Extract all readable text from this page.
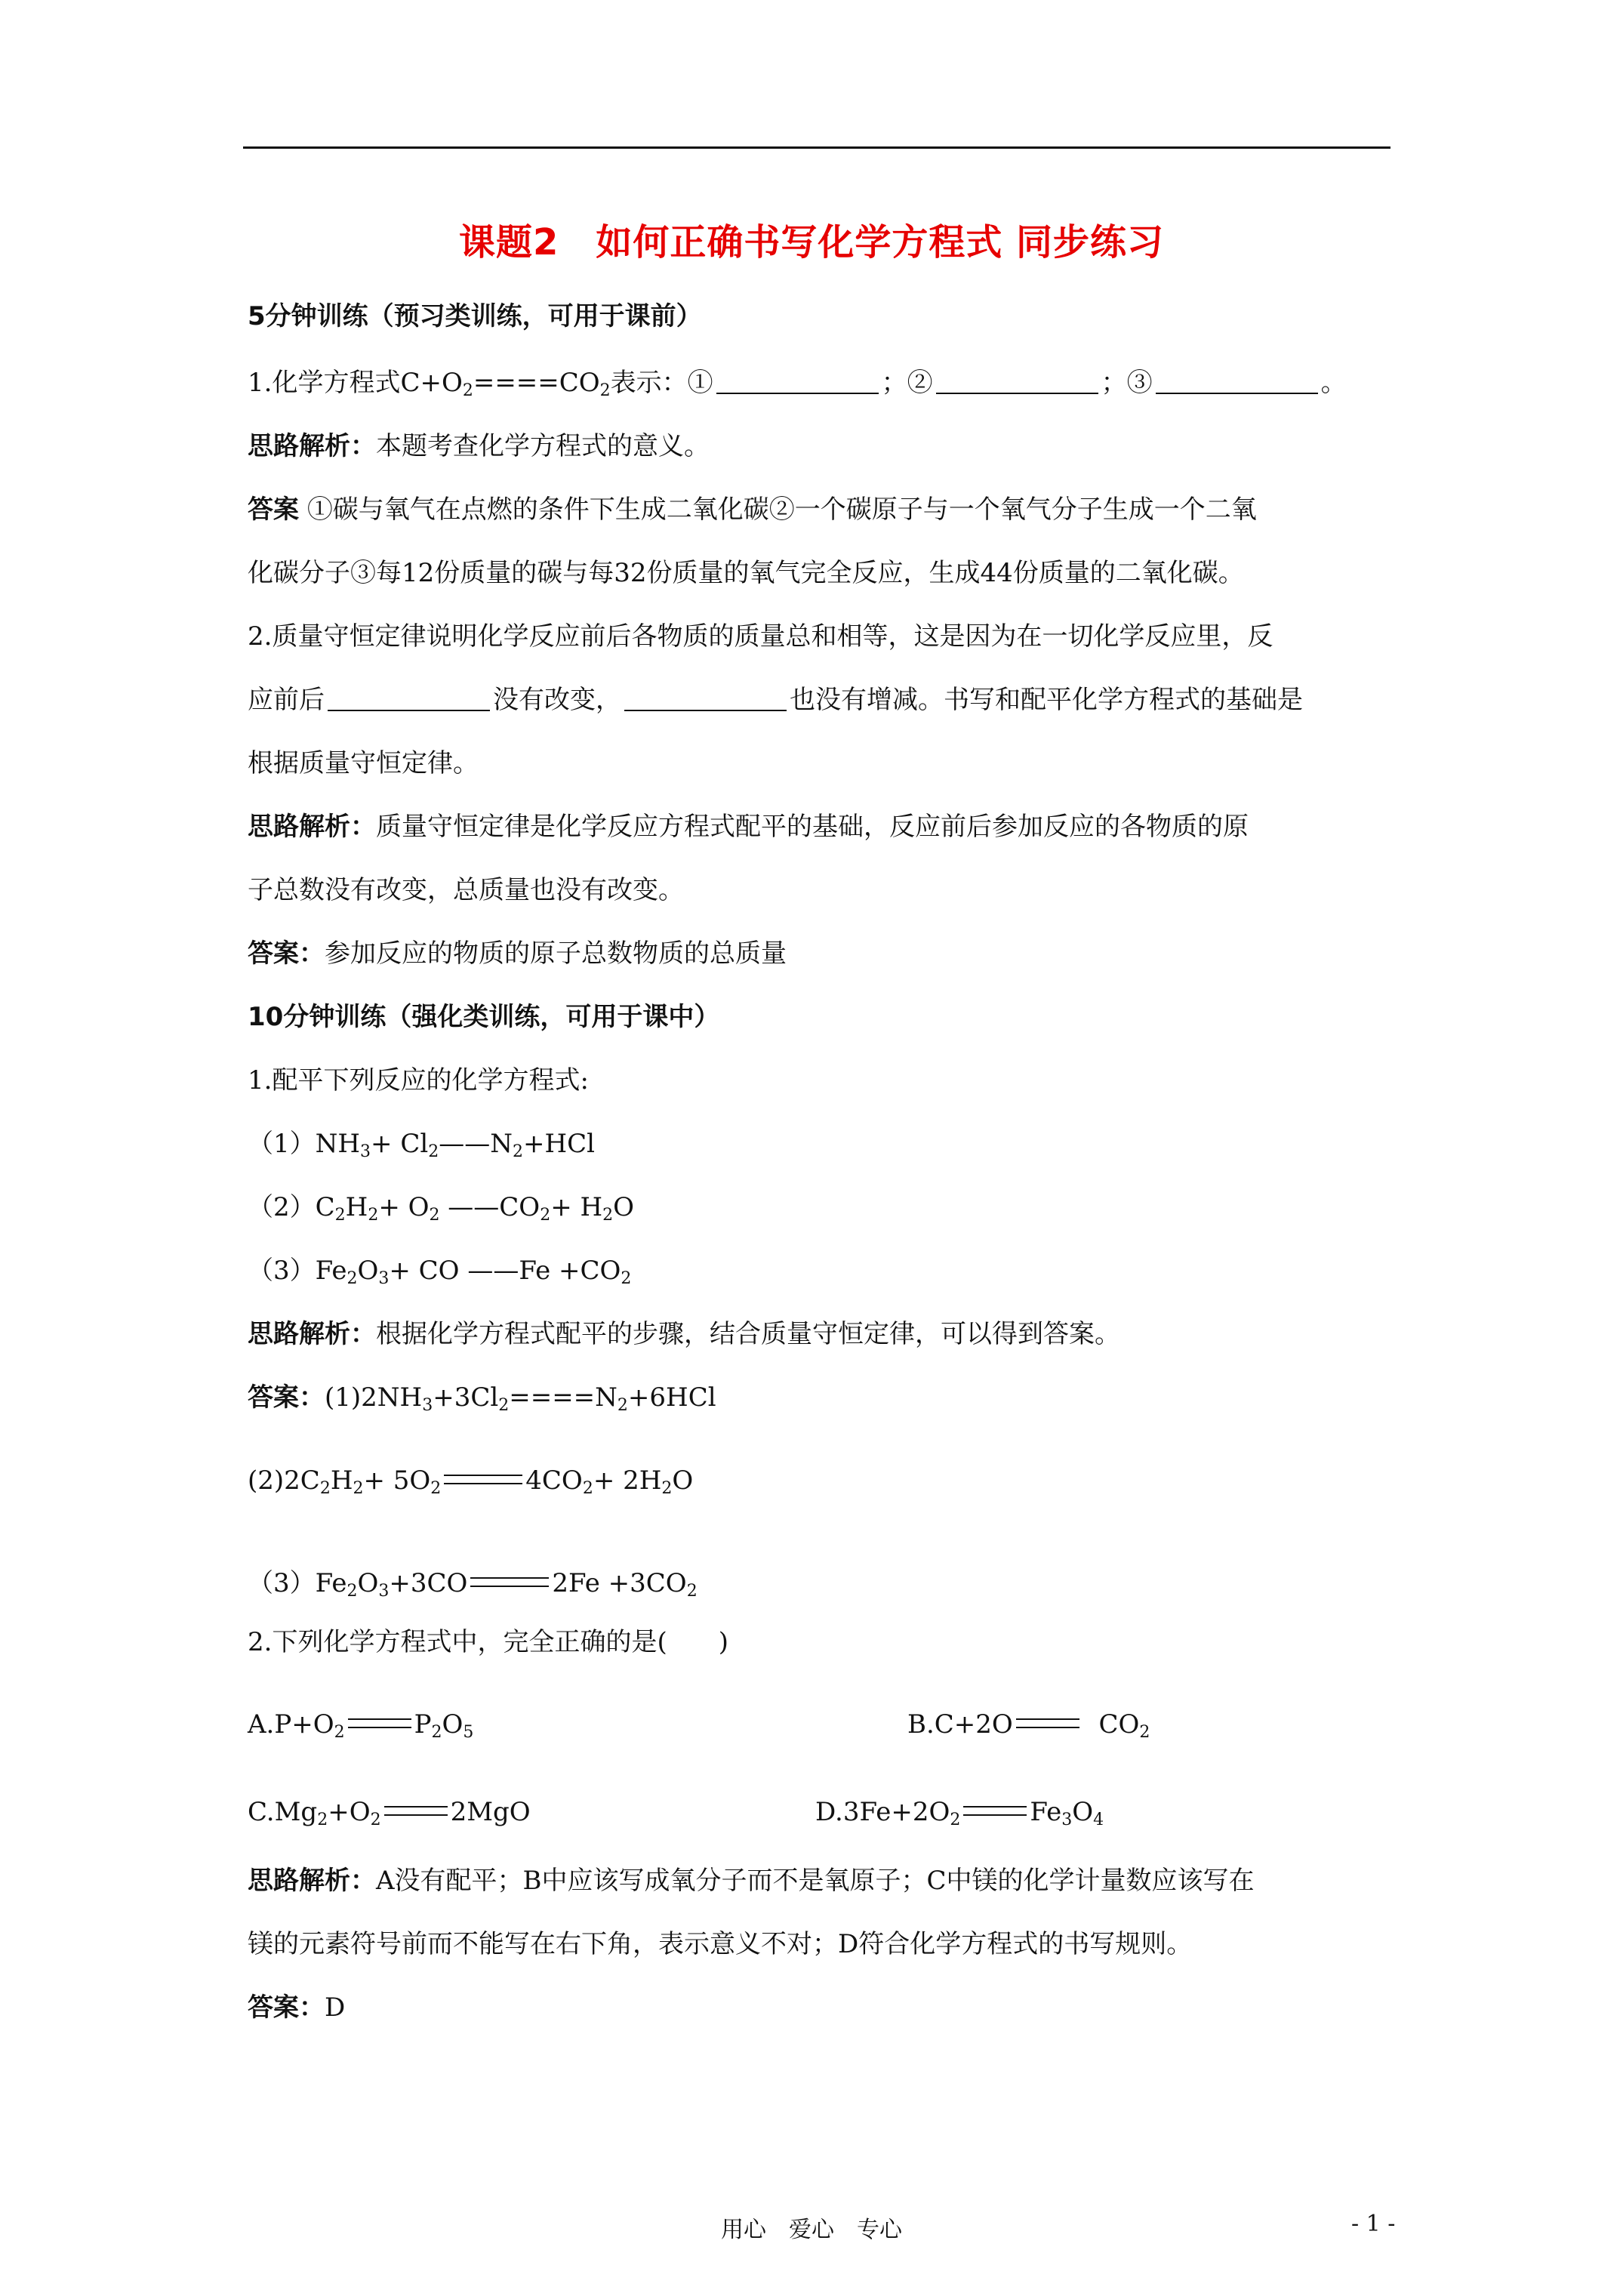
课题2　如何正确书写化学方程式 同步练习
5分钟训练（预习类训练，可用于课前）
1.化学方程式$C+O_2====CO_2$表示：①	；②	；③	。
思路解析：本题考查化学方程式的意义。
答案 ①碳与氧气在点燃的条件下生成二氧化碳②一个碳原子与一个氧气分子生成一个二氧
化碳分子③每12份质量的碳与每32份质量的氧气完全反应，生成44份质量的二氧化碳。
2.质量守恒定律说明化学反应前后各物质的质量总和相等，这是因为在一切化学反应里，反
应前后	没有改变，	也没有增减。书写和配平化学方程式的基础是
根据质量守恒定律。
思路解析：质量守恒定律是化学反应方程式配平的基础，反应前后参加反应的各物质的原
子总数没有改变，总质量也没有改变。
答案：参加反应的物质的原子总数物质的总质量
10分钟训练（强化类训练，可用于课中）
1.配平下列反应的化学方程式:
$(1)NH_3+$ $Cl_2——N_2+HCl$
$(2)C_2H_2+ O_2$ $——CO_2+ H_2O$
$(3)Fe_2O_3+$ CO ——Fe $+CO_2$
思路解析：根据化学方程式配平的步骤，结合质量守恒定律，可以得到答案。
答案：$(1)2NH_3+3Cl_2====N_2+6HCl$
$(2)2C_2H_2+ 5O_2$	$4CO_2+ 2H_2O$
$(3)Fe_2O_3+3CO$	$2Fe +3CO_2$
2.下列化学方程式中，完全正确的是(　　)
$A.P+O_2$	$P_2O_5$	B.C+2O	$CO_2$
$C.Mg_2+O_2$	2MgO	$D.3Fe+2O_2$	$Fe_3O_4$
思路解析：A没有配平；B中应该写成氧分子而不是氧原子；C中镁的化学计量数应该写在
镁的元素符号前而不能写在右下角，表示意义不对；D符合化学方程式的书写规则。
答案：D
用心　爱心　专心	- 1 -
